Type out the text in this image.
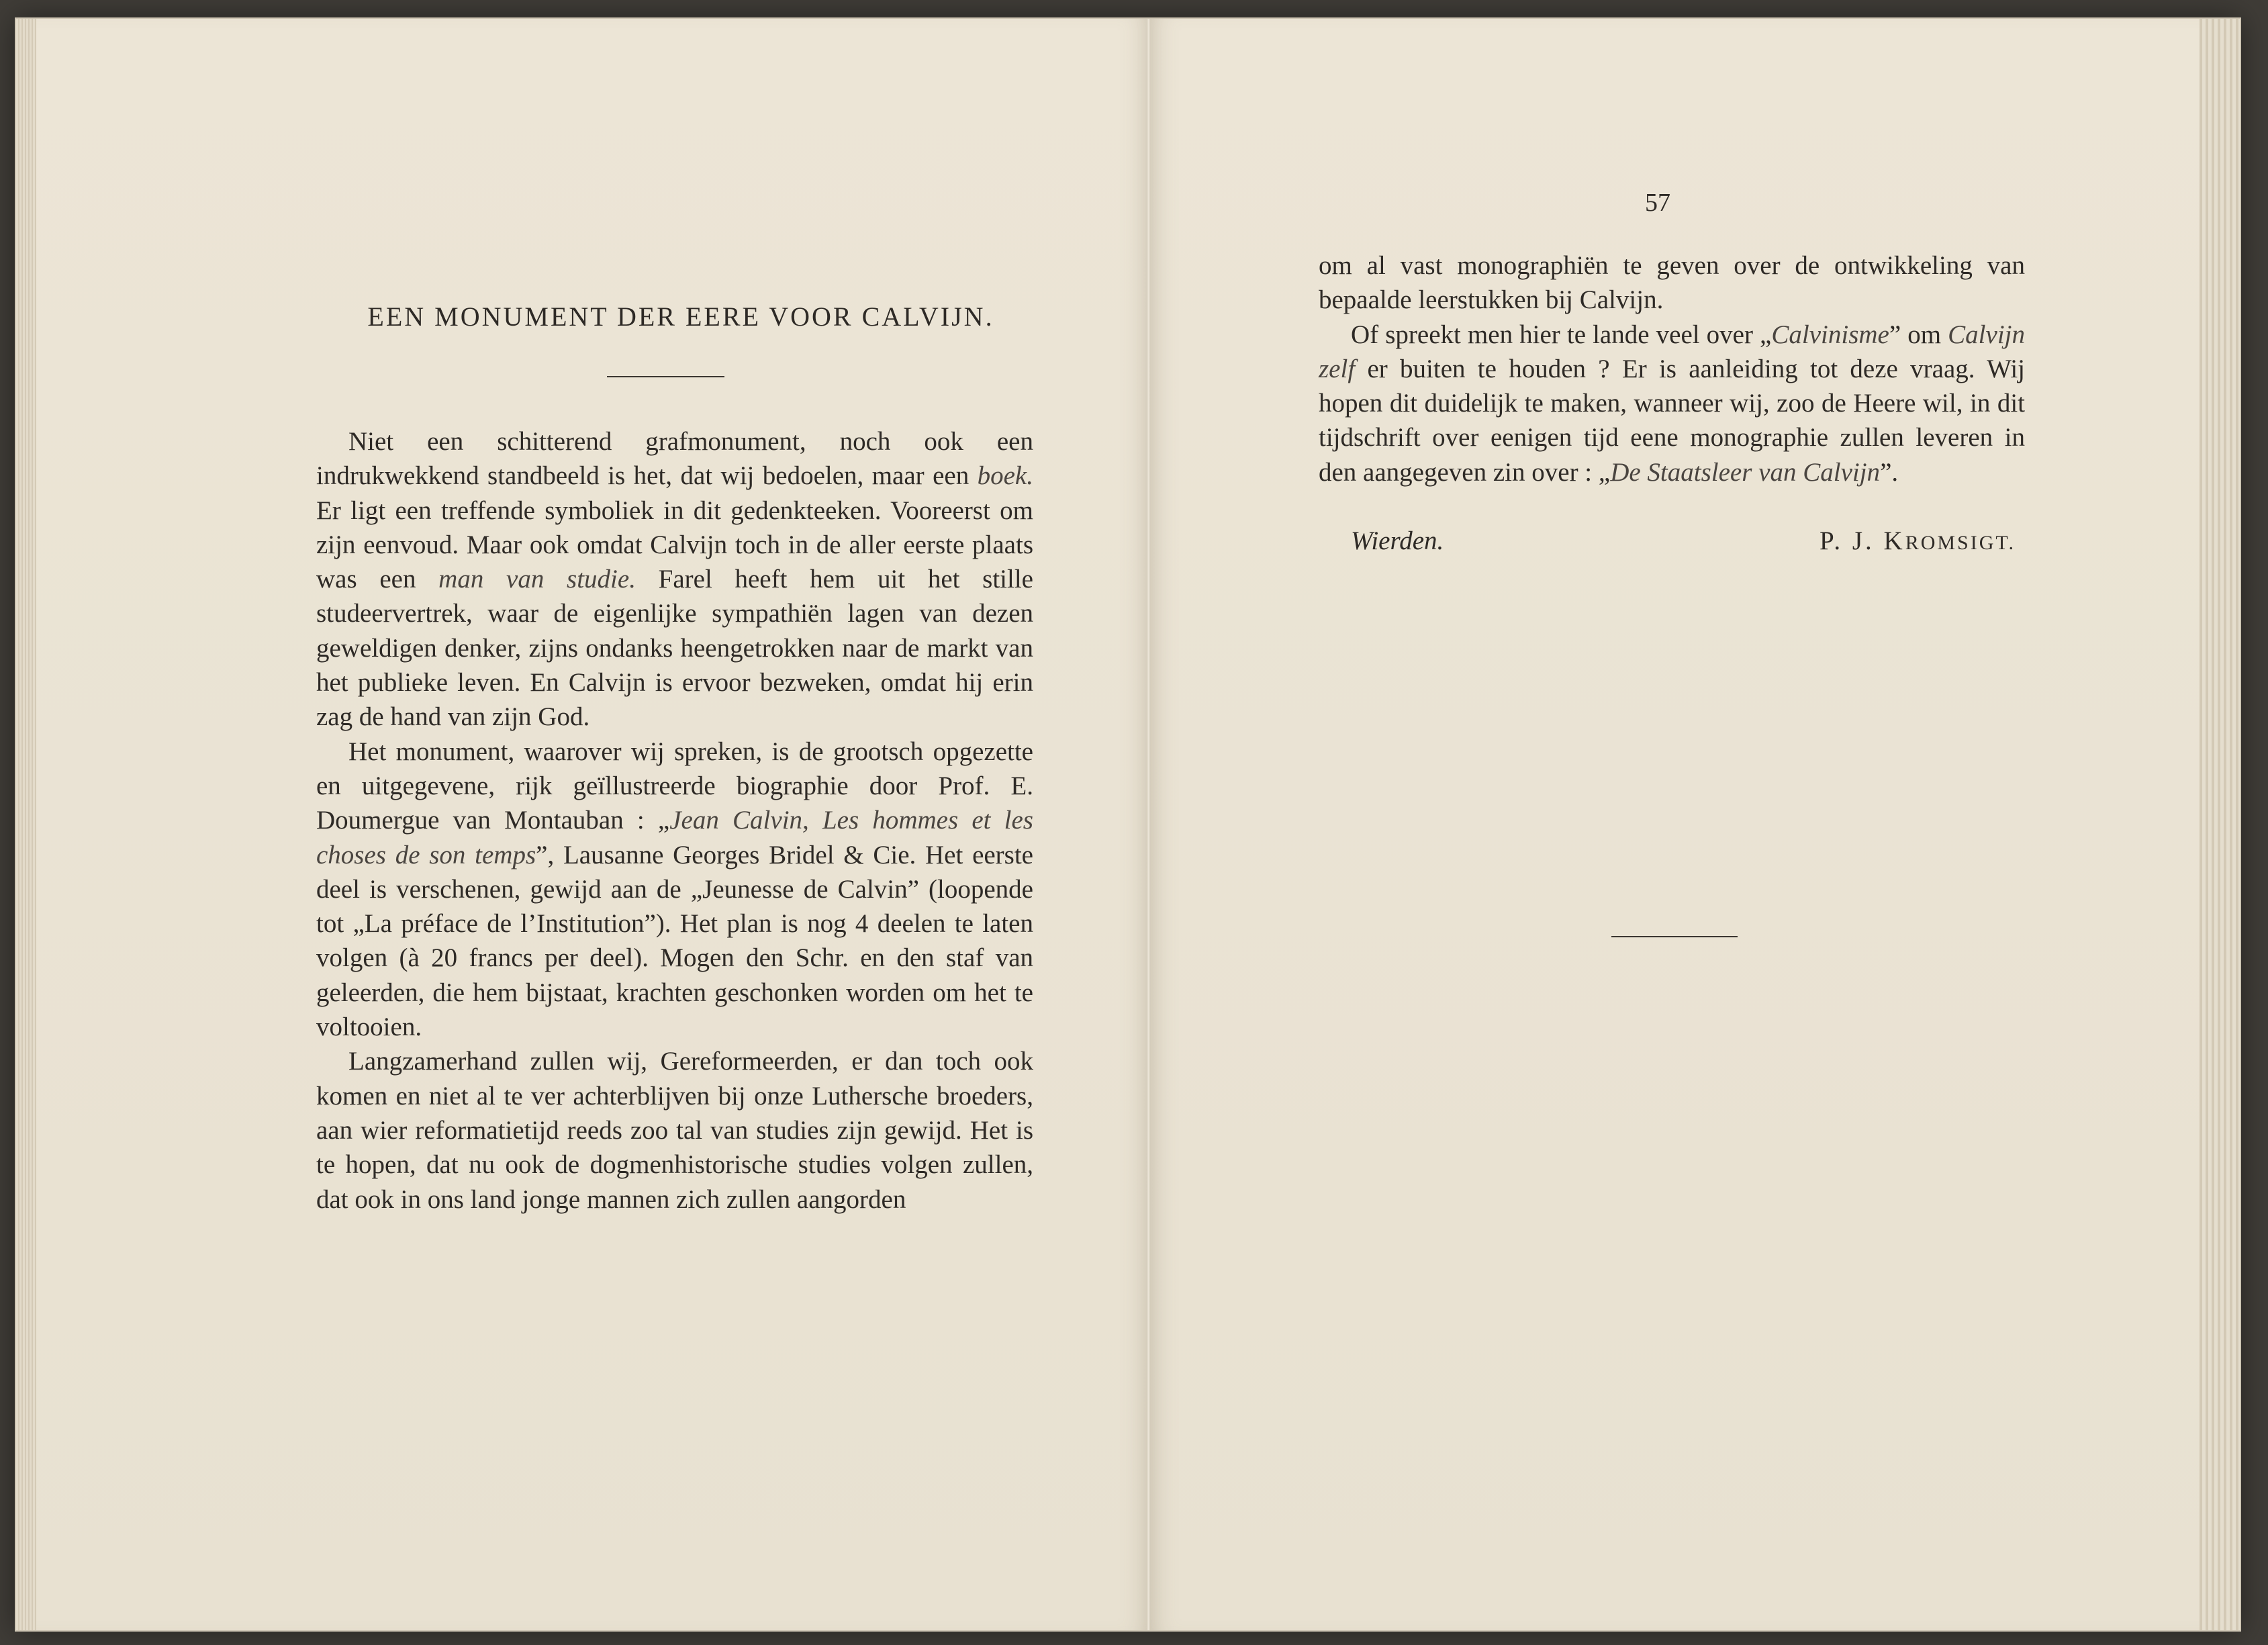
EEN MONUMENT DER EERE VOOR CALVIJN.

Niet een schitterend grafmonument, noch ook een indrukwekkend standbeeld is het, dat wij bedoelen, maar een boek. Er ligt een treffende symboliek in dit gedenkteeken. Vooreerst om zijn eenvoud. Maar ook omdat Calvijn toch in de aller eerste plaats was een man van studie. Farel heeft hem uit het stille studeervertrek, waar de eigenlijke sympathiën lagen van dezen geweldigen denker, zijns ondanks heengetrokken naar de markt van het publieke leven. En Calvijn is ervoor bezweken, omdat hij erin zag de hand van zijn God.

Het monument, waarover wij spreken, is de grootsch opgezette en uitgegevene, rijk geïllustreerde biographie door Prof. E. Doumergue van Montauban : „Jean Calvin, Les hommes et les choses de son temps”, Lausanne Georges Bridel & Cie. Het eerste deel is verschenen, gewijd aan de „Jeunesse de Calvin” (loopende tot „La préface de l’Institution”). Het plan is nog 4 deelen te laten volgen (à 20 francs per deel). Mogen den Schr. en den staf van geleerden, die hem bijstaat, krachten geschonken worden om het te voltooien.

Langzamerhand zullen wij, Gereformeerden, er dan toch ook komen en niet al te ver achterblijven bij onze Luthersche broeders, aan wier reformatietijd reeds zoo tal van studies zijn gewijd. Het is te hopen, dat nu ook de dogmenhistorische studies volgen zullen, dat ook in ons land jonge mannen zich zullen aangorden

57

om al vast monographiën te geven over de ontwikkeling van bepaalde leerstukken bij Calvijn.

Of spreekt men hier te lande veel over „Calvinisme” om Calvijn zelf er buiten te houden ? Er is aanleiding tot deze vraag. Wij hopen dit duidelijk te maken, wanneer wij, zoo de Heere wil, in dit tijdschrift over eenigen tijd eene monographie zullen leveren in den aangegeven zin over : „De Staatsleer van Calvijn”.

Wierden.	P. J. KROMSIGT.
